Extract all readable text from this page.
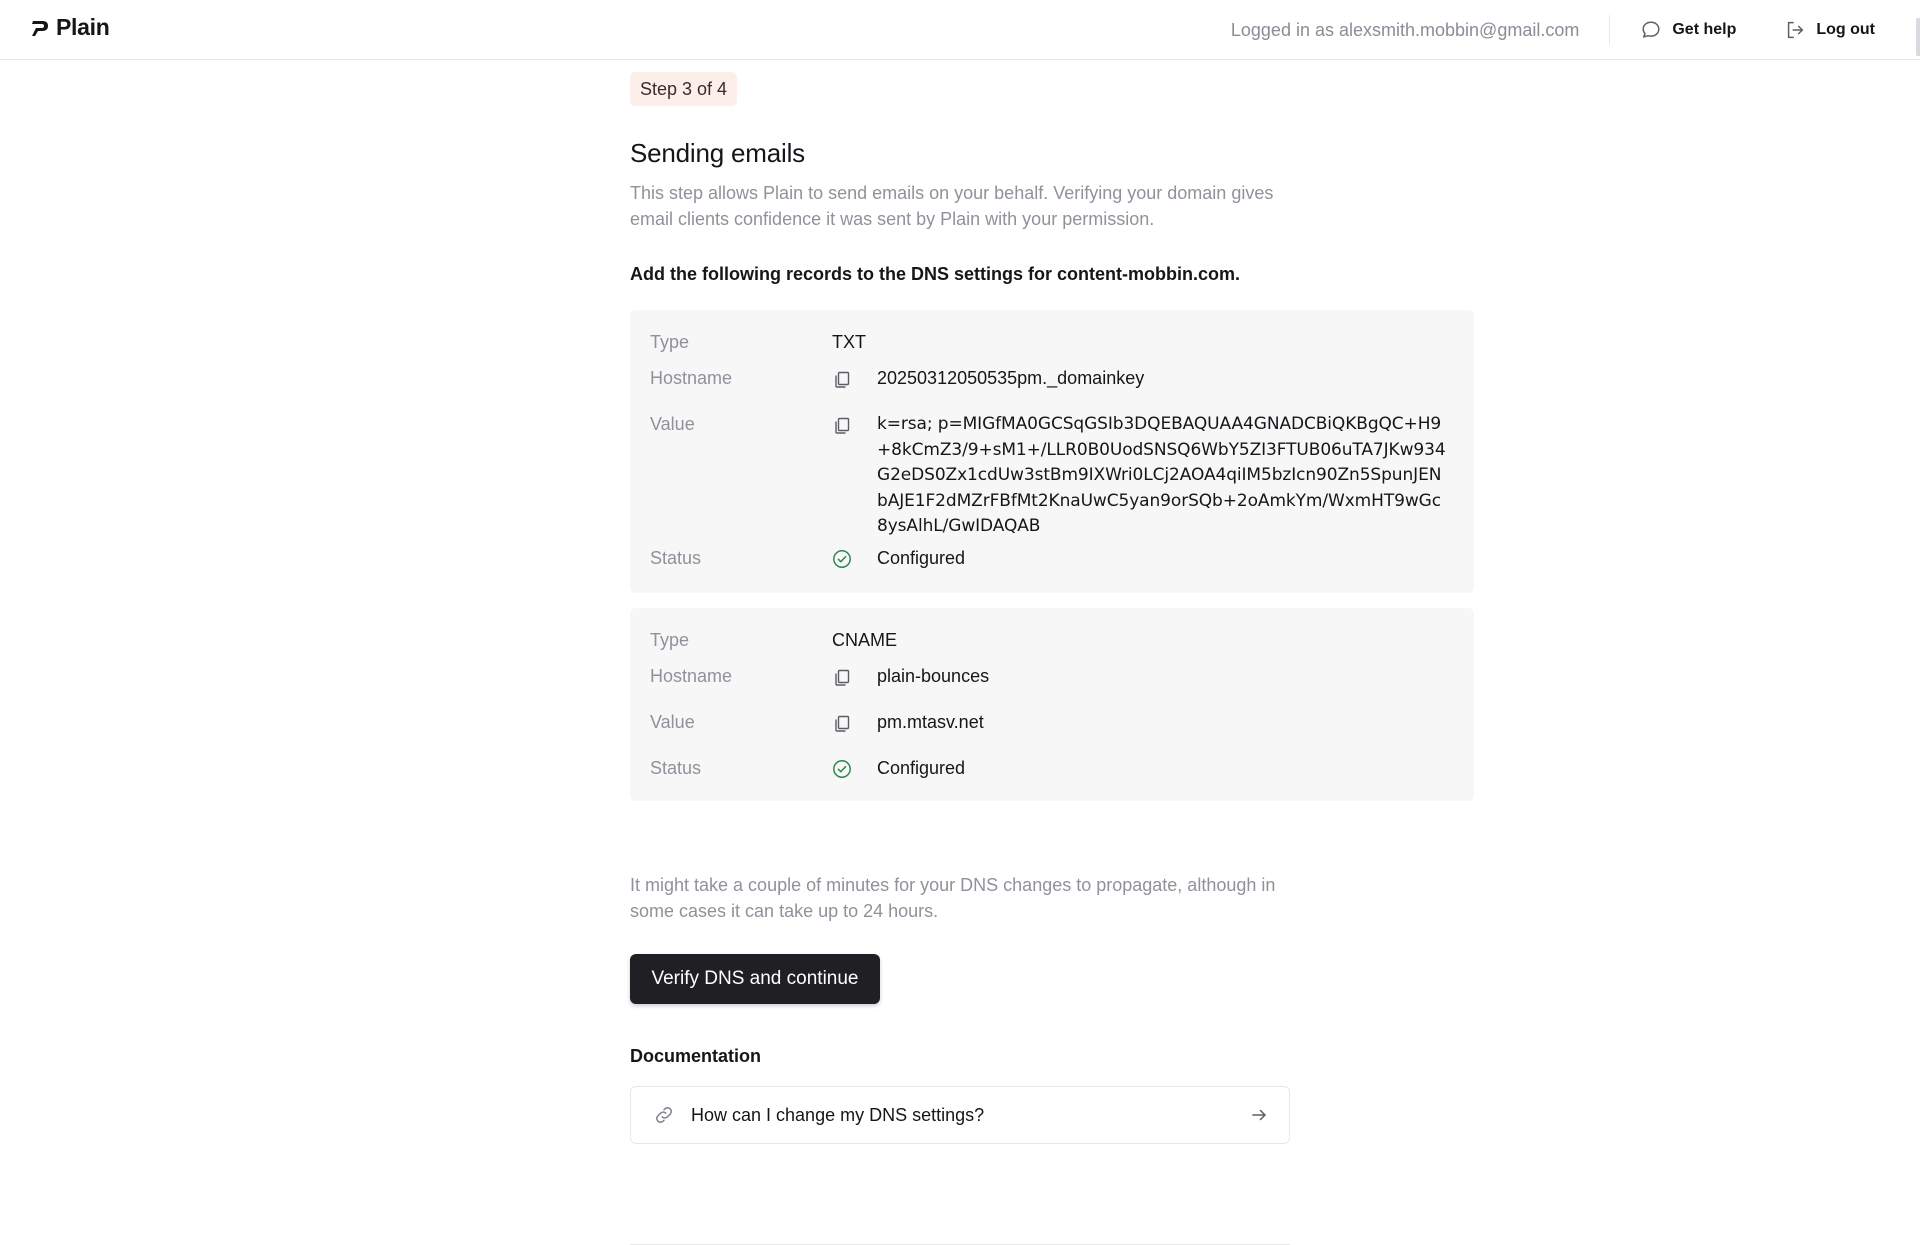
Plain	Logged in as alexsmith.mobbin@gmail.com	Get help	Log out
Step 3 of 4
Sending emails

This step allows Plain to send emails on your behalf. Verifying your domain gives email clients confidence it was sent by Plain with your permission.

Add the following records to the DNS settings for content-mobbin.com.

Type	TXT
Hostname	20250312050535pm._domainkey
Value	k=rsa; p=MIGfMA0GCSqGSIb3DQEBAQUAA4GNADCBiQKBgQC+H9+8kCmZ3/9+sM1+/LLR0B0UodSNSQ6WbY5ZI3FTUB06uTA7JKw934G2eDS0Zx1cdUw3stBm9IXWri0LCj2AOA4qiIM5bzIcn90Zn5SpunJENbAJE1F2dMZrFBfMt2KnaUwC5yan9orSQb+2oAmkYm/WxmHT9wGc8ysAlhL/GwIDAQAB
Status	Configured
Type	CNAME
Hostname	plain-bounces
Value	pm.mtasv.net
Status	Configured

It might take a couple of minutes for your DNS changes to propagate, although in some cases it can take up to 24 hours.

Verify DNS and continue
Documentation
How can I change my DNS settings?
